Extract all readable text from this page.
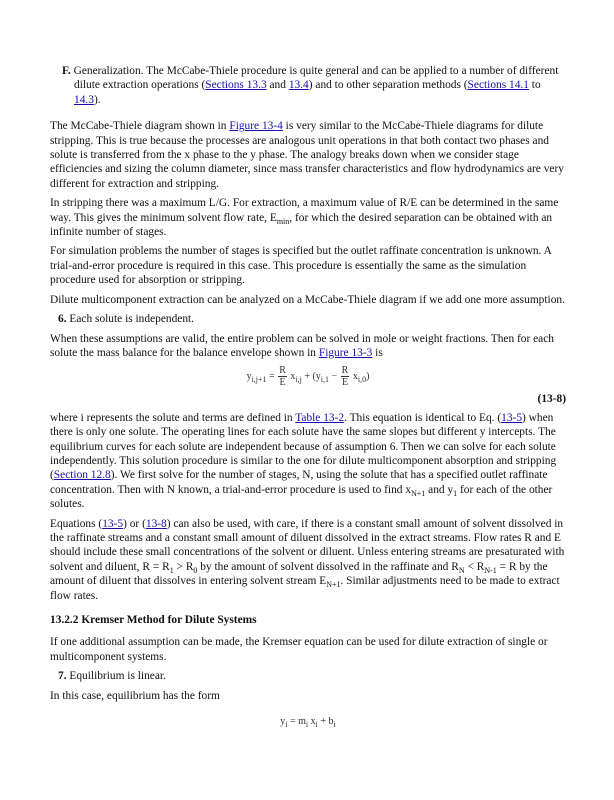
F. Generalization. The McCabe-Thiele procedure is quite general and can be applied to a number of different dilute extraction operations (Sections 13.3 and 13.4) and to other separation methods (Sections 14.1 to 14.3).

The McCabe-Thiele diagram shown in Figure 13-4 is very similar to the McCabe-Thiele diagrams for dilute stripping. This is true because the processes are analogous unit operations in that both contact two phases and solute is transferred from the x phase to the y phase. The analogy breaks down when we consider stage efficiencies and sizing the column diameter, since mass transfer characteristics and flow hydrodynamics are very different for extraction and stripping.

In stripping there was a maximum L/G. For extraction, a maximum value of R/E can be determined in the same way. This gives the minimum solvent flow rate, $E_{min}$, for which the desired separation can be obtained with an infinite number of stages.

For simulation problems the number of stages is specified but the outlet raffinate concentration is unknown. A trial-and-error procedure is required in this case. This procedure is essentially the same as the simulation procedure used for absorption or stripping.

Dilute multicomponent extraction can be analyzed on a McCabe-Thiele diagram if we add one more assumption.

6. Each solute is independent.

When these assumptions are valid, the entire problem can be solved in mole or weight fractions. Then for each solute the mass balance for the balance envelope shown in Figure 13-3 is

$y_{i,j+1} = \frac{R}{E} x_{i,j} + (y_{i,1} - \frac{R}{E} x_{i,0})$
(13-8)

where i represents the solute and terms are defined in Table 13-2. This equation is identical to Eq. (13-5) when there is only one solute. The operating lines for each solute have the same slopes but different y intercepts. The equilibrium curves for each solute are independent because of assumption 6. Then we can solve for each solute independently. This solution procedure is similar to the one for dilute multicomponent absorption and stripping (Section 12.8). We first solve for the number of stages, N, using the solute that has a specified outlet raffinate concentration. Then with N known, a trial-and-error procedure is used to find $x_{N+1}$ and $y_1$ for each of the other solutes.

Equations (13-5) or (13-8) can also be used, with care, if there is a constant small amount of solvent dissolved in the raffinate streams and a constant small amount of diluent dissolved in the extract streams. Flow rates R and E should include these small concentrations of the solvent or diluent. Unless entering streams are presaturated with solvent and diluent, $R = R_1 > R_0$ by the amount of solvent dissolved in the raffinate and $R_N < R_{N-1} = R$ by the amount of diluent that dissolves in entering solvent stream $E_{N+1}$. Similar adjustments need to be made to extract flow rates.

13.2.2 Kremser Method for Dilute Systems

If one additional assumption can be made, the Kremser equation can be used for dilute extraction of single or multicomponent systems.

7. Equilibrium is linear.

In this case, equilibrium has the form

$y_i = m_i$ $x_i + b_i$
